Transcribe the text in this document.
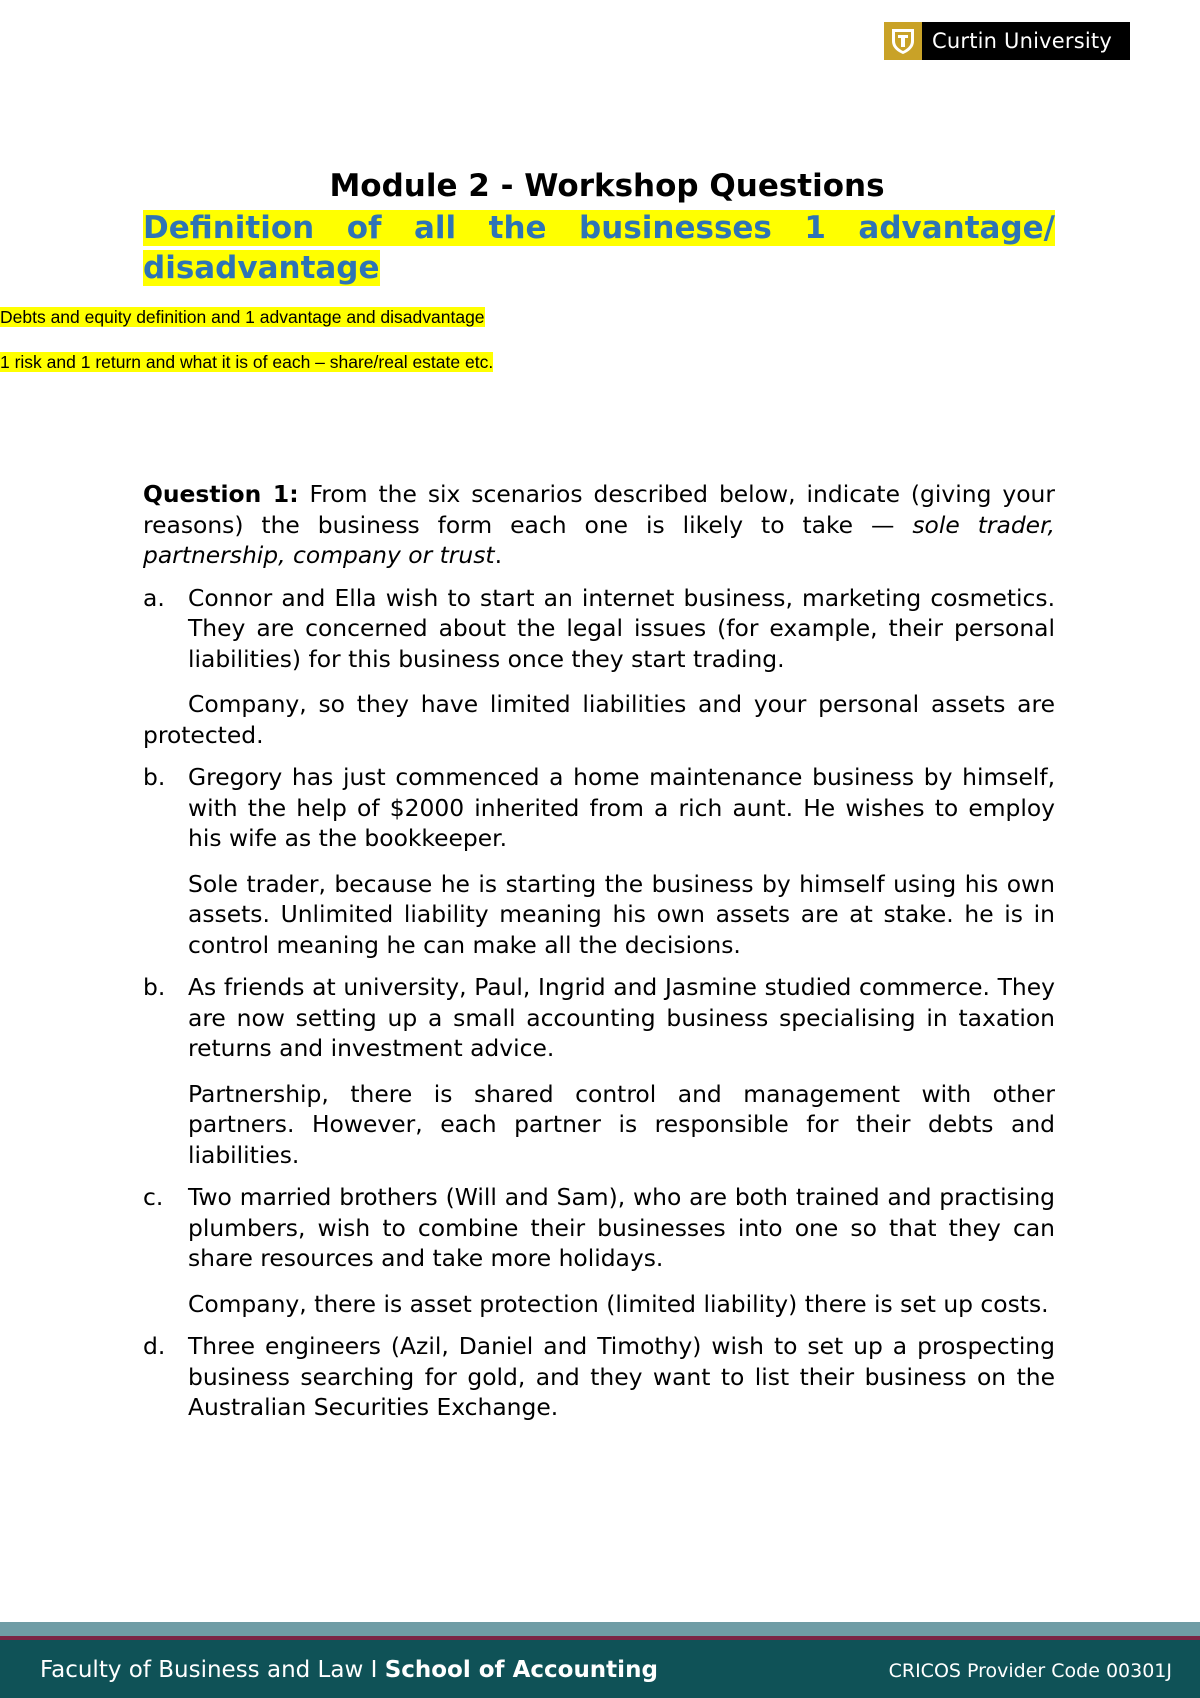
Curtin University
Module 2 - Workshop Questions

Definition of all the businesses 1 advantage/ disadvantage

Debts and equity definition and 1 advantage and disadvantage

1 risk and 1 return and what it is of each – share/real estate etc.

Question 1: From the six scenarios described below, indicate (giving your reasons) the business form each one is likely to take — sole trader, partnership, company or trust.

a. Connor and Ella wish to start an internet business, marketing cosmetics. They are concerned about the legal issues (for example, their personal liabilities) for this business once they start trading.

Company, so they have limited liabilities and your personal assets are protected.

b. Gregory has just commenced a home maintenance business by himself, with the help of $2000 inherited from a rich aunt. He wishes to employ his wife as the bookkeeper.

Sole trader, because he is starting the business by himself using his own assets. Unlimited liability meaning his own assets are at stake. he is in control meaning he can make all the decisions.

b. As friends at university, Paul, Ingrid and Jasmine studied commerce. They are now setting up a small accounting business specialising in taxation returns and investment advice.

Partnership, there is shared control and management with other partners. However, each partner is responsible for their debts and liabilities.

c.	Two married brothers (Will and Sam), who are both trained and practising plumbers, wish to combine their businesses into one so that they can share resources and take more holidays.

Company, there is asset protection (limited liability) there is set up costs.

d. Three engineers (Azil, Daniel and Timothy) wish to set up a prospecting business searching for gold, and they want to list their business on the Australian Securities Exchange.
Faculty of Business and Law I School of Accounting	CRICOS Provider Code 00301J
